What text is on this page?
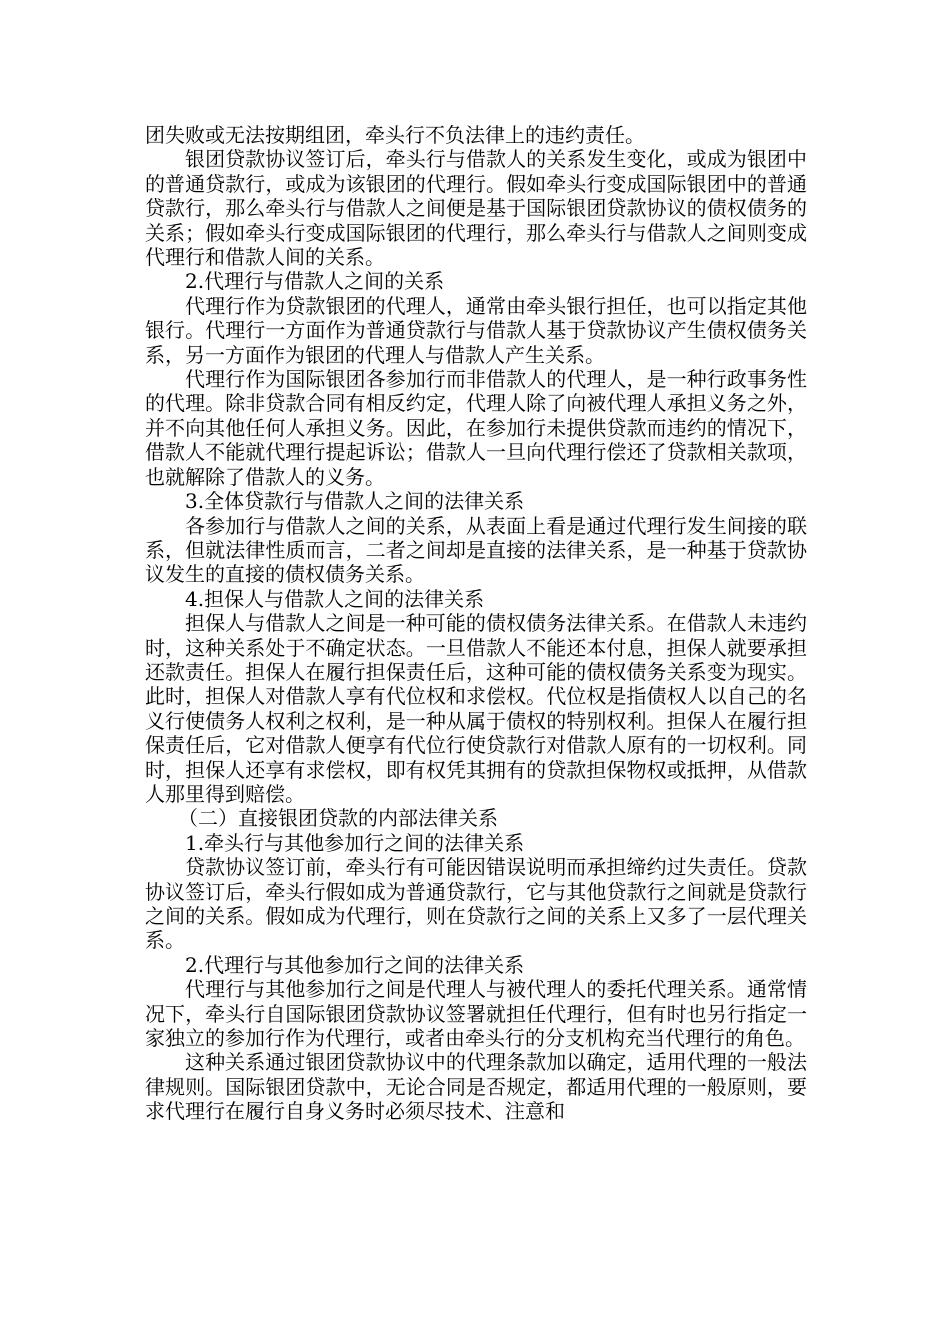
团失败或无法按期组团，牵头行不负法律上的违约责任。

银团贷款协议签订后，牵头行与借款人的关系发生变化，或成为银团中的普通贷款行，或成为该银团的代理行。假如牵头行变成国际银团中的普通贷款行，那么牵头行与借款人之间便是基于国际银团贷款协议的债权债务的关系；假如牵头行变成国际银团的代理行，那么牵头行与借款人之间则变成代理行和借款人间的关系。

2.代理行与借款人之间的关系

代理行作为贷款银团的代理人，通常由牵头银行担任，也可以指定其他银行。代理行一方面作为普通贷款行与借款人基于贷款协议产生债权债务关系，另一方面作为银团的代理人与借款人产生关系。

代理行作为国际银团各参加行而非借款人的代理人，是一种行政事务性的代理。除非贷款合同有相反约定，代理人除了向被代理人承担义务之外，并不向其他任何人承担义务。因此，在参加行未提供贷款而违约的情况下，借款人不能就代理行提起诉讼；借款人一旦向代理行偿还了贷款相关款项，也就解除了借款人的义务。

3.全体贷款行与借款人之间的法律关系

各参加行与借款人之间的关系，从表面上看是通过代理行发生间接的联系，但就法律性质而言，二者之间却是直接的法律关系，是一种基于贷款协议发生的直接的债权债务关系。

4.担保人与借款人之间的法律关系

担保人与借款人之间是一种可能的债权债务法律关系。在借款人未违约时，这种关系处于不确定状态。一旦借款人不能还本付息，担保人就要承担还款责任。担保人在履行担保责任后，这种可能的债权债务关系变为现实。此时，担保人对借款人享有代位权和求偿权。代位权是指债权人以自己的名义行使债务人权利之权利，是一种从属于债权的特别权利。担保人在履行担保责任后，它对借款人便享有代位行使贷款行对借款人原有的一切权利。同时，担保人还享有求偿权，即有权凭其拥有的贷款担保物权或抵押，从借款人那里得到赔偿。

（二）直接银团贷款的内部法律关系

1.牵头行与其他参加行之间的法律关系

贷款协议签订前，牵头行有可能因错误说明而承担缔约过失责任。贷款协议签订后，牵头行假如成为普通贷款行，它与其他贷款行之间就是贷款行之间的关系。假如成为代理行，则在贷款行之间的关系上又多了一层代理关系。

2.代理行与其他参加行之间的法律关系

代理行与其他参加行之间是代理人与被代理人的委托代理关系。通常情况下，牵头行自国际银团贷款协议签署就担任代理行，但有时也另行指定一家独立的参加行作为代理行，或者由牵头行的分支机构充当代理行的角色。

这种关系通过银团贷款协议中的代理条款加以确定，适用代理的一般法律规则。国际银团贷款中，无论合同是否规定，都适用代理的一般原则，要求代理行在履行自身义务时必须尽技术、注意和
